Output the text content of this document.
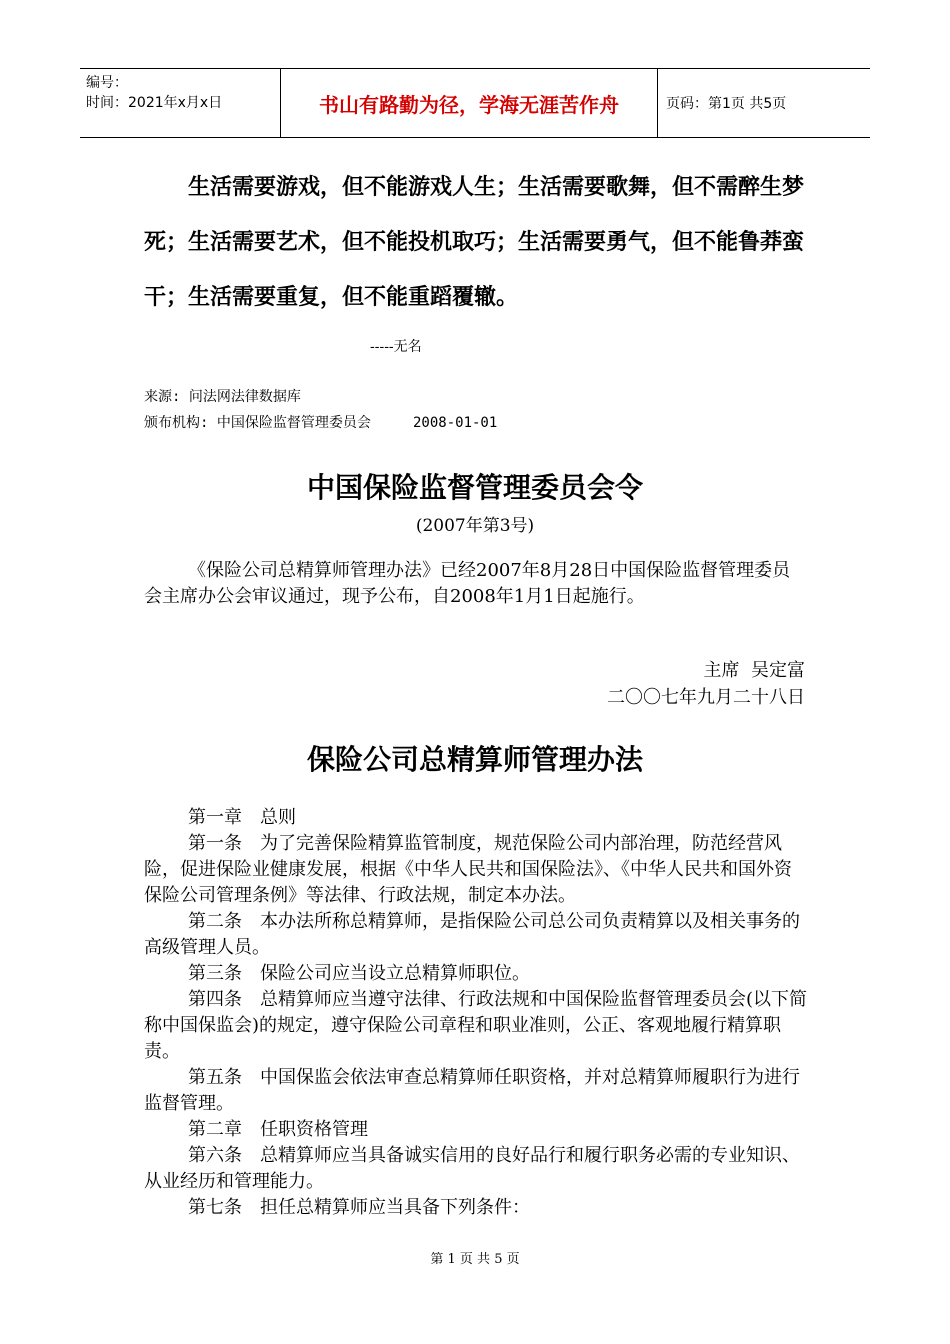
编号：
时间：2021年x月x日	书山有路勤为径，学海无涯苦作舟	页码：第1页 共5页

生活需要游戏，但不能游戏人生；生活需要歌舞，但不需醉生梦死；生活需要艺术，但不能投机取巧；生活需要勇气，但不能鲁莽蛮干；生活需要重复，但不能重蹈覆辙。

-----无名
来源: 问法网法律数据库
颁布机构: 中国保险监督管理委员会     2008-01-01
中国保险监督管理委员会令
(2007年第3号)

《保险公司总精算师管理办法》已经2007年8月28日中国保险监督管理委员会主席办公会审议通过，现予公布，自2008年1月1日起施行。

主席  吴定富
二〇〇七年九月二十八日
保险公司总精算师管理办法

第一章　总则

第一条　为了完善保险精算监管制度，规范保险公司内部治理，防范经营风险，促进保险业健康发展，根据《中华人民共和国保险法》、《中华人民共和国外资保险公司管理条例》等法律、行政法规，制定本办法。

第二条　本办法所称总精算师，是指保险公司总公司负责精算以及相关事务的高级管理人员。

第三条　保险公司应当设立总精算师职位。

第四条　总精算师应当遵守法律、行政法规和中国保险监督管理委员会(以下简称中国保监会)的规定，遵守保险公司章程和职业准则，公正、客观地履行精算职责。

第五条　中国保监会依法审查总精算师任职资格，并对总精算师履职行为进行监督管理。

第二章　任职资格管理

第六条　总精算师应当具备诚实信用的良好品行和履行职务必需的专业知识、从业经历和管理能力。

第七条　担任总精算师应当具备下列条件：

第 1 页 共 5 页
